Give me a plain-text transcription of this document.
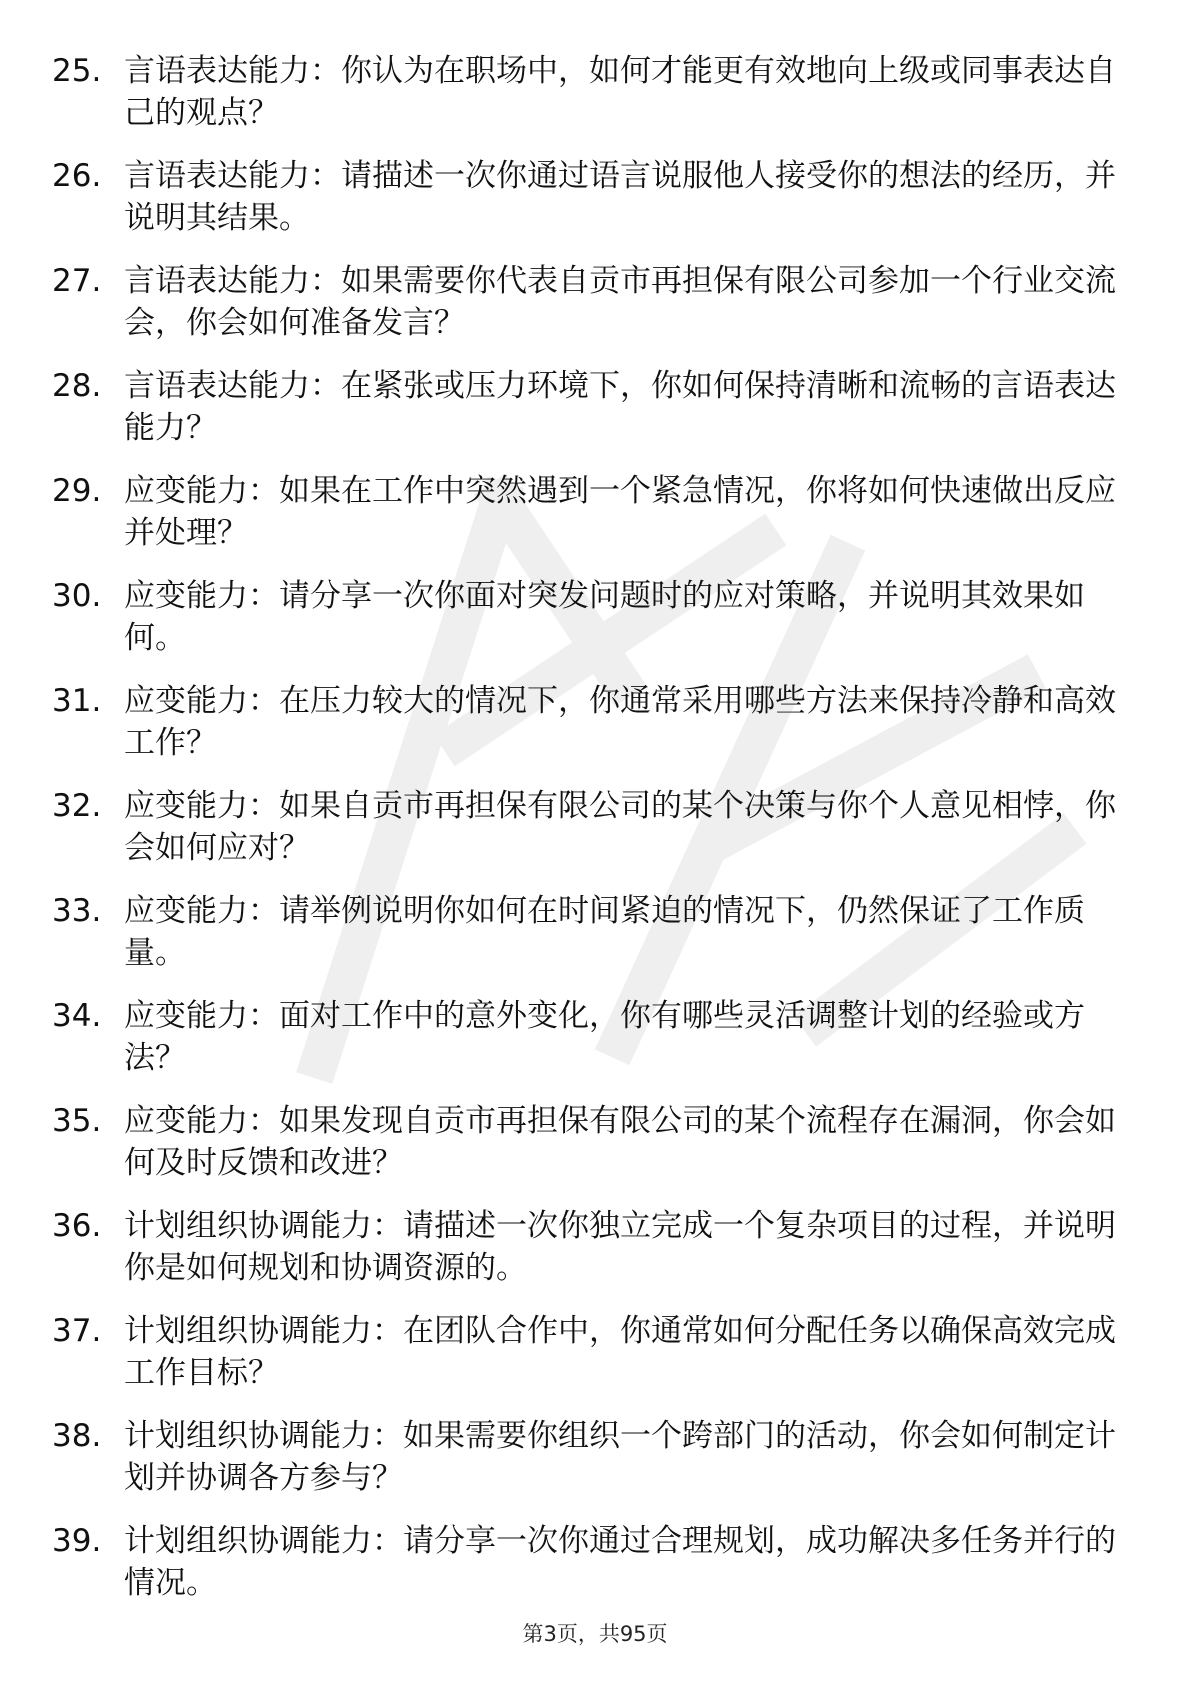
25. 言语表达能力：你认为在职场中，如何才能更有效地向上级或同事表达自己的观点？
26. 言语表达能力：请描述一次你通过语言说服他人接受你的想法的经历，并说明其结果。
27. 言语表达能力：如果需要你代表自贡市再担保有限公司参加一个行业交流会，你会如何准备发言？
28. 言语表达能力：在紧张或压力环境下，你如何保持清晰和流畅的言语表达能力？
29. 应变能力：如果在工作中突然遇到一个紧急情况，你将如何快速做出反应并处理？
30. 应变能力：请分享一次你面对突发问题时的应对策略，并说明其效果如何。
31. 应变能力：在压力较大的情况下，你通常采用哪些方法来保持冷静和高效工作？
32. 应变能力：如果自贡市再担保有限公司的某个决策与你个人意见相悖，你会如何应对？
33. 应变能力：请举例说明你如何在时间紧迫的情况下，仍然保证了工作质量。
34. 应变能力：面对工作中的意外变化，你有哪些灵活调整计划的经验或方法？
35. 应变能力：如果发现自贡市再担保有限公司的某个流程存在漏洞，你会如何及时反馈和改进？
36. 计划组织协调能力：请描述一次你独立完成一个复杂项目的过程，并说明你是如何规划和协调资源的。
37. 计划组织协调能力：在团队合作中，你通常如何分配任务以确保高效完成工作目标？
38. 计划组织协调能力：如果需要你组织一个跨部门的活动，你会如何制定计划并协调各方参与？
39. 计划组织协调能力：请分享一次你通过合理规划，成功解决多任务并行的情况。
第3页，共95页
